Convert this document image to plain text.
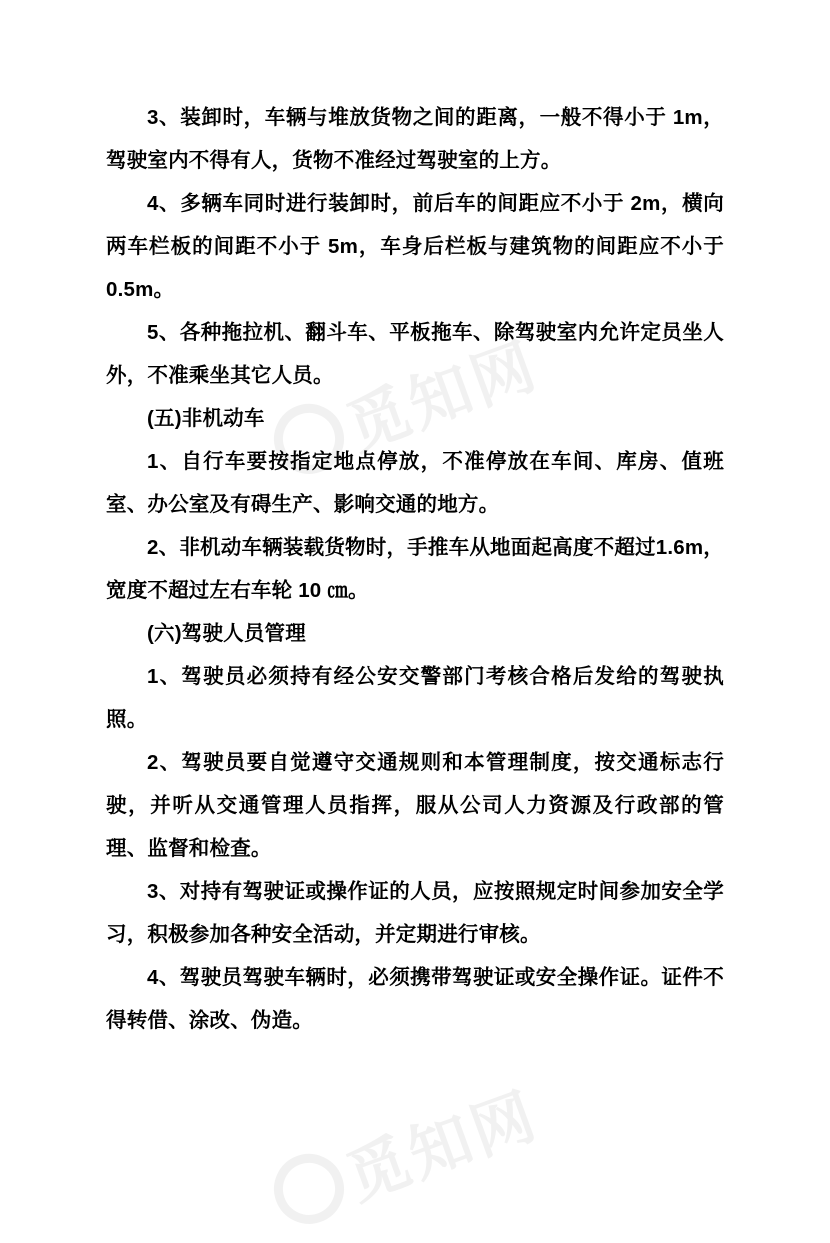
觅知网
觅知网

3、装卸时，车辆与堆放货物之间的距离，一般不得小于 1m，驾驶室内不得有人，货物不准经过驾驶室的上方。

4、多辆车同时进行装卸时，前后车的间距应不小于 2m，横向两车栏板的间距不小于 5m，车身后栏板与建筑物的间距应不小于 0.5m。

5、各种拖拉机、翻斗车、平板拖车、除驾驶室内允许定员坐人外，不准乘坐其它人员。

(五)非机动车

1、自行车要按指定地点停放，不准停放在车间、库房、值班室、办公室及有碍生产、影响交通的地方。

2、非机动车辆装载货物时，手推车从地面起高度不超过1.6m，宽度不超过左右车轮 10 ㎝。

(六)驾驶人员管理

1、驾驶员必须持有经公安交警部门考核合格后发给的驾驶执照。

2、驾驶员要自觉遵守交通规则和本管理制度，按交通标志行驶，并听从交通管理人员指挥，服从公司人力资源及行政部的管理、监督和检查。

3、对持有驾驶证或操作证的人员，应按照规定时间参加安全学习，积极参加各种安全活动，并定期进行审核。

4、驾驶员驾驶车辆时，必须携带驾驶证或安全操作证。证件不得转借、涂改、伪造。
